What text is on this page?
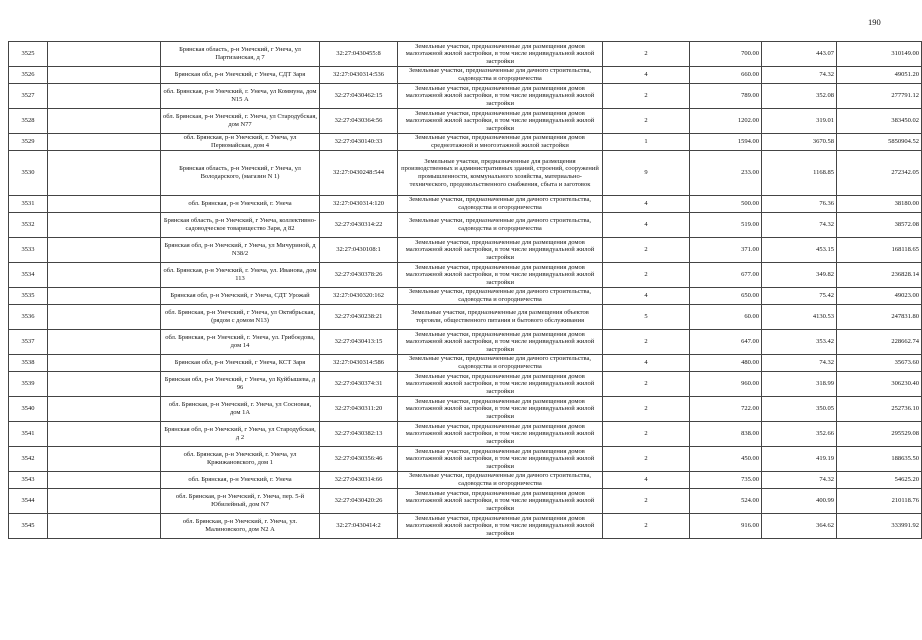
190
3525		Брянская область, р-н Унечский, г Унеча, ул Партизанская, д 7	32:27:0430455:8	Земельные участки, предназначенные для размещения домов малоэтажной жилой застройки, в том числе индивидуальной жилой застройки	2	700.00	443.07	310149.00
3526		Брянская обл, р-н Унечский, г Унеча, СДТ Заря	32:27:0430314:536	Земельные участки, предназначенные для дачного строительства, садоводства и огородничества	4	660.00	74.32	49051.20
3527		обл. Брянская, р-н Унечский, г. Унеча, ул Коммуна, дом N15 А	32:27:0430462:15	Земельные участки, предназначенные для размещения домов малоэтажной жилой застройки, в том числе индивидуальной жилой застройки	2	789.00	352.08	277791.12
3528		обл. Брянская, р-н Унечский, г. Унеча, ул Стародубская, дом N77	32:27:0430364:56	Земельные участки, предназначенные для размещения домов малоэтажной жилой застройки, в том числе индивидуальной жилой застройки	2	1202.00	319.01	383450.02
3529		обл. Брянская, р-н Унечский, г. Унеча, ул Первомайская, дом 4	32:27:0430140:33	Земельные участки, предназначенные для размещения домов среднеэтажной и многоэтажной жилой застройки	1	1594.00	3670.58	5850904.52
3530		Брянская область, р-н Унечский, г Унеча, ул Володарского, (магазин N 1)	32:27:0430248:544	Земельные участки, предназначенные для размещения производственных и административных зданий, строений, сооружений промышленности, коммунального хозяйства, материально-технического, продовольственного снабжения, сбыта и заготовок	9	233.00	1168.85	272342.05
3531		обл. Брянская, р-н Унечский, г. Унеча	32:27:0430314:120	Земельные участки, предназначенные для дачного строительства, садоводства и огородничества	4	500.00	76.36	38180.00
3532		Брянская область, р-н Унечский, г Унеча, коллективно-садоводческое товарищество Заря, д 82	32:27:0430314:22	Земельные участки, предназначенные для дачного строительства, садоводства и огородничества	4	519.00	74.32	38572.08
3533		Брянская обл, р-н Унечский, г Унеча, ул Мичуриной, д N38/2	32:27:0430108:1	Земельные участки, предназначенные для размещения домов малоэтажной жилой застройки, в том числе индивидуальной жилой застройки	2	371.00	453.15	168118.65
3534		обл. Брянская, р-н Унечский, г. Унеча, ул. Иванова, дом 113	32:27:0430378:26	Земельные участки, предназначенные для размещения домов малоэтажной жилой застройки, в том числе индивидуальной жилой застройки	2	677.00	349.82	236828.14
3535		Брянская обл, р-н Унечский, г Унеча, СДТ Урожай	32:27:0430320:162	Земельные участки, предназначенные для дачного строительства, садоводства и огородничества	4	650.00	75.42	49023.00
3536		обл. Брянская, р-н Унечский, г Унеча, ул Октябрьская, (рядом с домом N13)	32:27:0430238:21	Земельные участки, предназначенные для размещения объектов торговли, общественного питания и бытового обслуживания	5	60.00	4130.53	247831.80
3537		обл. Брянская, р-н Унечский, г. Унеча, ул. Грибоедова, дом 14	32:27:0430413:15	Земельные участки, предназначенные для размещения домов малоэтажной жилой застройки, в том числе индивидуальной жилой застройки	2	647.00	353.42	228662.74
3538		Брянская обл, р-н Унечский, г Унеча, КСТ Заря	32:27:0430314:586	Земельные участки, предназначенные для дачного строительства, садоводства и огородничества	4	480.00	74.32	35673.60
3539		Брянская обл, р-н Унечский, г Унеча, ул Куйбышева, д 96	32:27:0430374:31	Земельные участки, предназначенные для размещения домов малоэтажной жилой застройки, в том числе индивидуальной жилой застройки	2	960.00	318.99	306230.40
3540		обл. Брянская, р-н Унечский, г. Унеча, ул Сосновая, дом 1А	32:27:0430311:20	Земельные участки, предназначенные для размещения домов малоэтажной жилой застройки, в том числе индивидуальной жилой застройки	2	722.00	350.05	252736.10
3541		Брянская обл, р-н Унечский, г Унеча, ул Стародубская, д 2	32:27:0430382:13	Земельные участки, предназначенные для размещения домов малоэтажной жилой застройки, в том числе индивидуальной жилой застройки	2	838.00	352.66	295529.08
3542		обл. Брянская, р-н Унечский, г. Унеча, ул Кржижановского, дом 1	32:27:0430356:46	Земельные участки, предназначенные для размещения домов малоэтажной жилой застройки, в том числе индивидуальной жилой застройки	2	450.00	419.19	188635.50
3543		обл. Брянская, р-н Унечский, г. Унеча	32:27:0430314:66	Земельные участки, предназначенные для дачного строительства, садоводства и огородничества	4	735.00	74.32	54625.20
3544		обл. Брянская, р-н Унечский, г. Унеча, пер. 5-й Юбилейный, дом N7	32:27:0430420:26	Земельные участки, предназначенные для размещения домов малоэтажной жилой застройки, в том числе индивидуальной жилой застройки	2	524.00	400.99	210118.76
3545		обл. Брянская, р-н Унечский, г. Унеча, ул. Малиновского, дом N2 А	32:27:0430414:2	Земельные участки, предназначенные для размещения домов малоэтажной жилой застройки, в том числе индивидуальной жилой застройки	2	916.00	364.62	333991.92
